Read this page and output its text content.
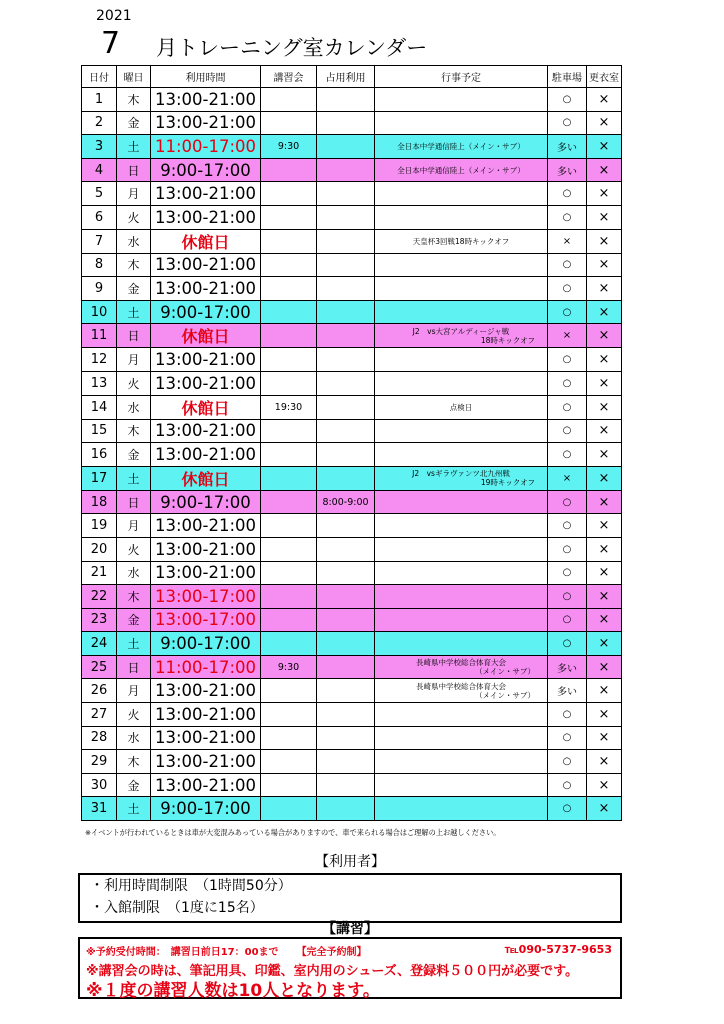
2021
7 月トレーニング室カレンダー
日付	曜日	利用時間	講習会	占用利用	行事予定	駐車場	更衣室
1	木	13:00-21:00				○	×
2	金	13:00-21:00				○	×
3	土	11:00-17:00	9:30		全日本中学通信陸上（メイン・サブ）	多い	×
4	日	9:00-17:00			全日本中学通信陸上（メイン・サブ）	多い	×
5	月	13:00-21:00				○	×
6	火	13:00-21:00				○	×
7	水	休館日			天皇杯3回戦18時キックオフ	×	×
8	木	13:00-21:00				○	×
9	金	13:00-21:00				○	×
10	土	9:00-17:00				○	×
11	日	休館日			J2　vs大宮アルディージャ戦
18時キックオフ	×	×
12	月	13:00-21:00				○	×
13	火	13:00-21:00				○	×
14	水	休館日	19:30		点検日	○	×
15	木	13:00-21:00				○	×
16	金	13:00-21:00				○	×
17	土	休館日			J2　vsギラヴァンツ北九州戦
19時キックオフ	×	×
18	日	9:00-17:00		8:00-9:00		○	×
19	月	13:00-21:00				○	×
20	火	13:00-21:00				○	×
21	水	13:00-21:00				○	×
22	木	13:00-17:00				○	×
23	金	13:00-17:00				○	×
24	土	9:00-17:00				○	×
25	日	11:00-17:00	9:30		長崎県中学校総合体育大会
（メイン・サブ）	多い	×
26	月	13:00-21:00			長崎県中学校総合体育大会
（メイン・サブ）	多い	×
27	火	13:00-21:00				○	×
28	水	13:00-21:00				○	×
29	木	13:00-21:00				○	×
30	金	13:00-21:00				○	×
31	土	9:00-17:00				○	×
※イベントが行われているときは車が大変混みあっている場合がありますので、車で来られる場合はご理解の上お越しください。
【利用者】
・利用時間制限　（1時間50分）
・入館制限　（1度に15名）
【講習】
※予約受付時間：　講習日前日17：00まで 【完全予約制】	℡090-5737-9653
※講習会の時は、筆記用具、印鑑、室内用のシューズ、登録料５００円が必要です。
※１度の講習人数は10人となります。
